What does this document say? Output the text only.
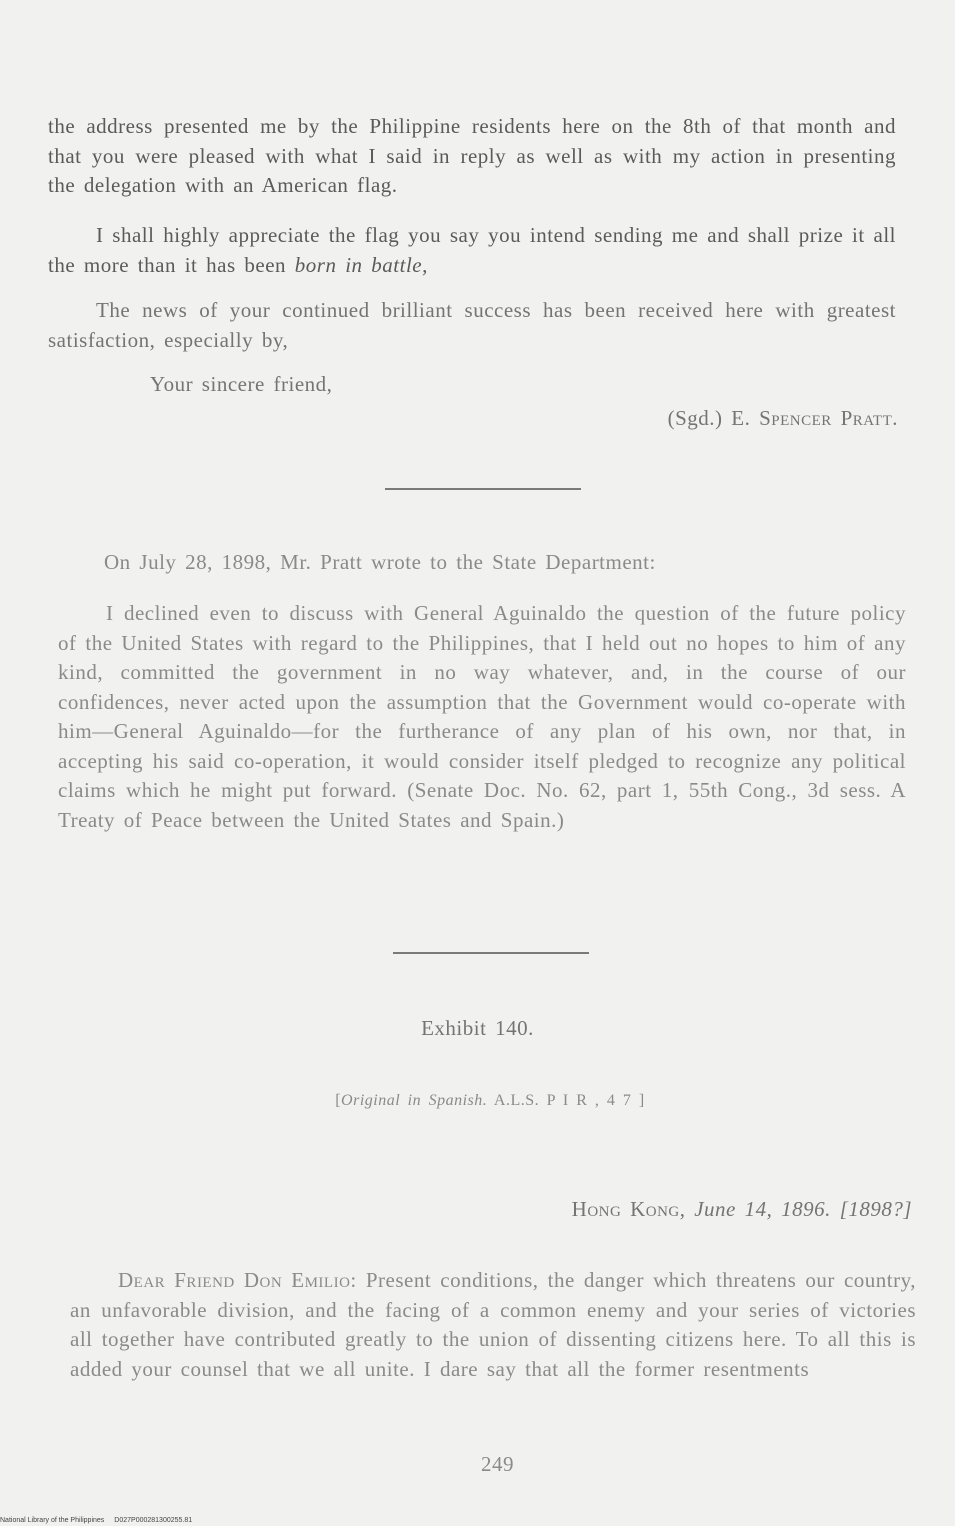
the address presented me by the Philippine residents here on the 8th of that month and that you were pleased with what I said in reply as well as with my action in presenting the delegation with an American flag.

I shall highly appreciate the flag you say you intend sending me and shall prize it all the more than it has been born in battle,

The news of your continued brilliant success has been received here with greatest satisfaction, especially by,

Your sincere friend,

(Sgd.) E. Spencer Pratt.

On July 28, 1898, Mr. Pratt wrote to the State Department:

I declined even to discuss with General Aguinaldo the question of the future policy of the United States with regard to the Philippines, that I held out no hopes to him of any kind, committed the government in no way whatever, and, in the course of our confidences, never acted upon the assumption that the Government would co-operate with him—General Aguinaldo—for the furtherance of any plan of his own, nor that, in accepting his said co-operation, it would consider itself pledged to recognize any political claims which he might put forward. (Senate Doc. No. 62, part 1, 55th Cong., 3d sess. A Treaty of Peace between the United States and Spain.)

Exhibit 140.

[Original in Spanish. A.L.S. P I R , 4 7 ]

Hong Kong, June 14, 1896. [1898?]

Dear Friend Don Emilio: Present conditions, the danger which threatens our country, an unfavorable division, and the facing of a common enemy and your series of victories all together have contributed greatly to the union of dissenting citizens here. To all this is added your counsel that we all unite. I dare say that all the former resentments

249
National Library of the Philippines D027P000281300255.81
